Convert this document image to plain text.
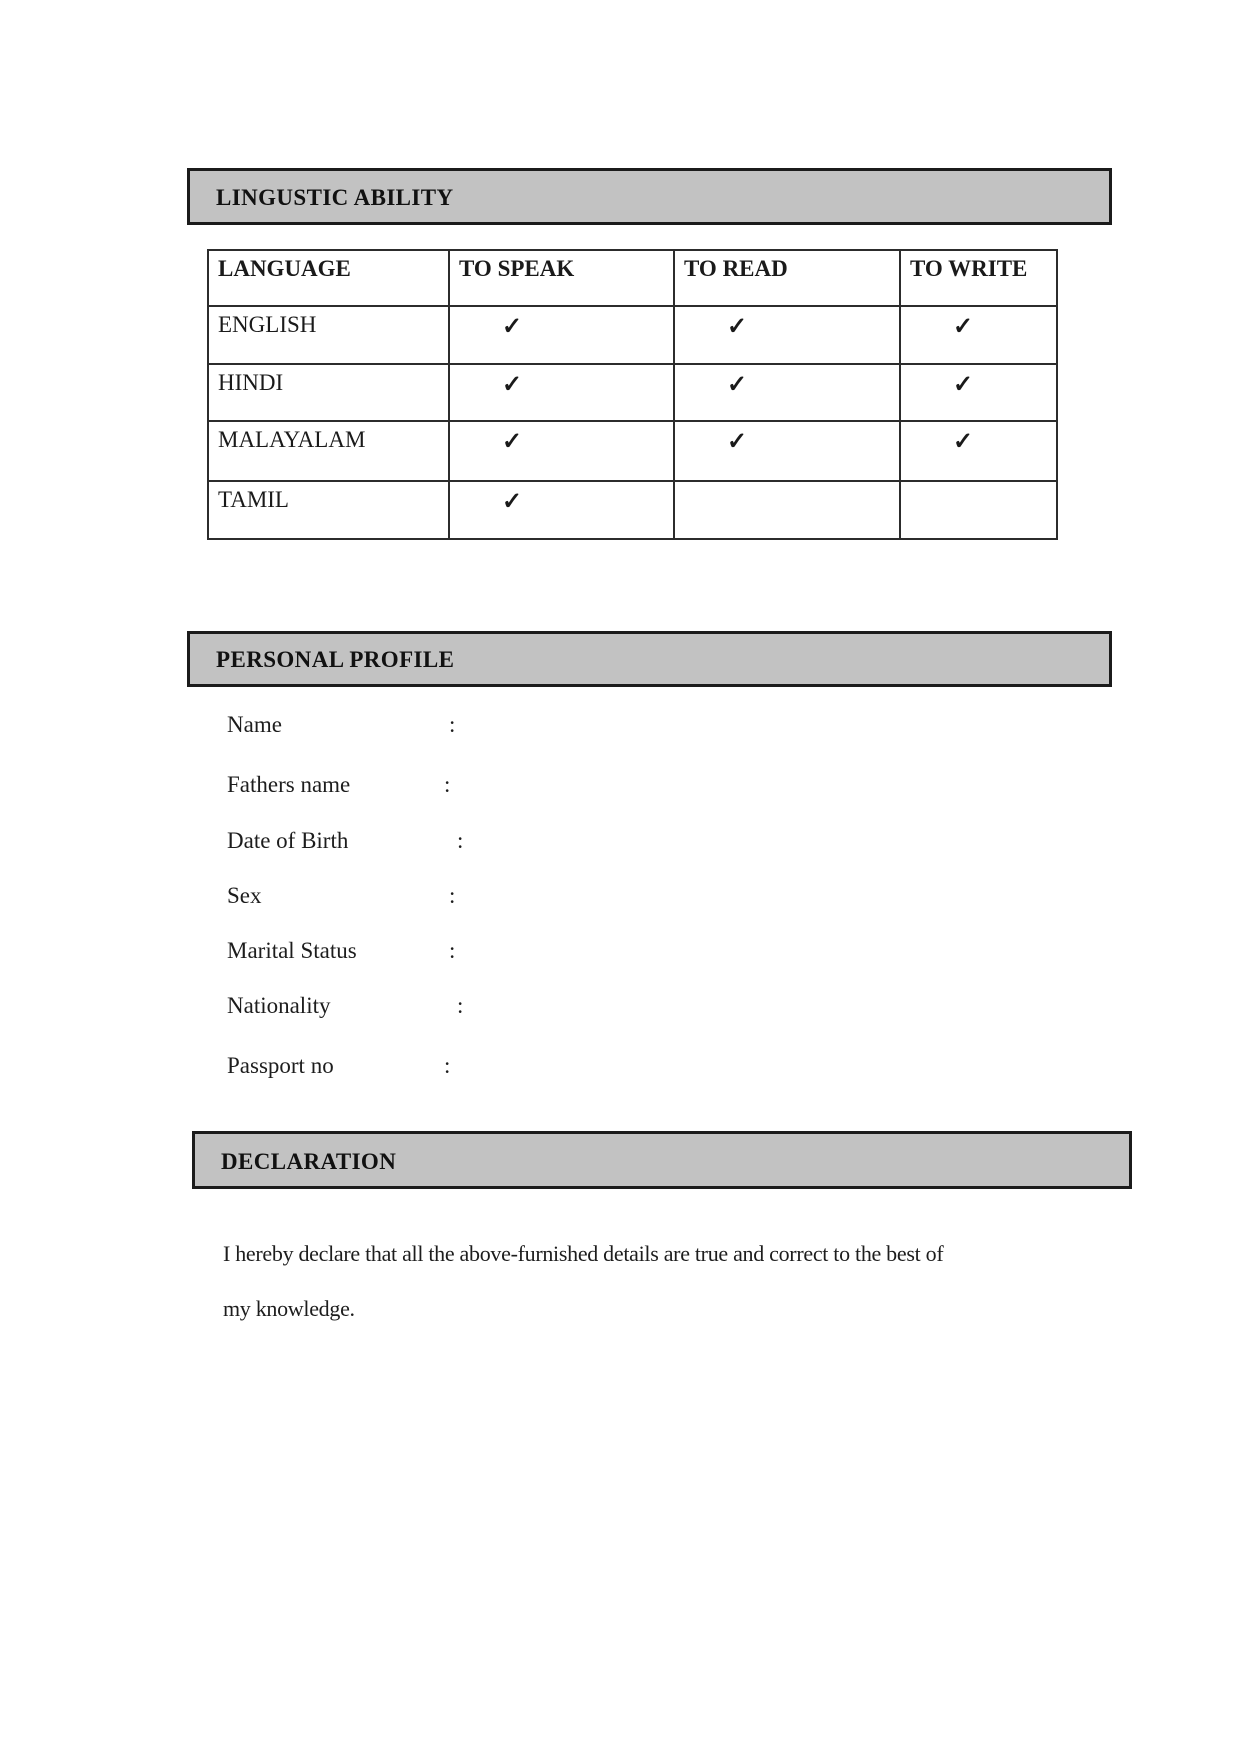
LINGUSTIC ABILITY
LANGUAGE	TO SPEAK	TO READ	TO WRITE
ENGLISH	✓	✓	✓
HINDI	✓	✓	✓
MALAYALAM	✓	✓	✓
TAMIL	✓		
PERSONAL PROFILE
Name	:
Fathers name	:
Date of Birth	:
Sex	:
Marital Status	:
Nationality	:
Passport no	:
DECLARATION
I hereby declare that all the above-furnished details are true and correct to the best of
my knowledge.
